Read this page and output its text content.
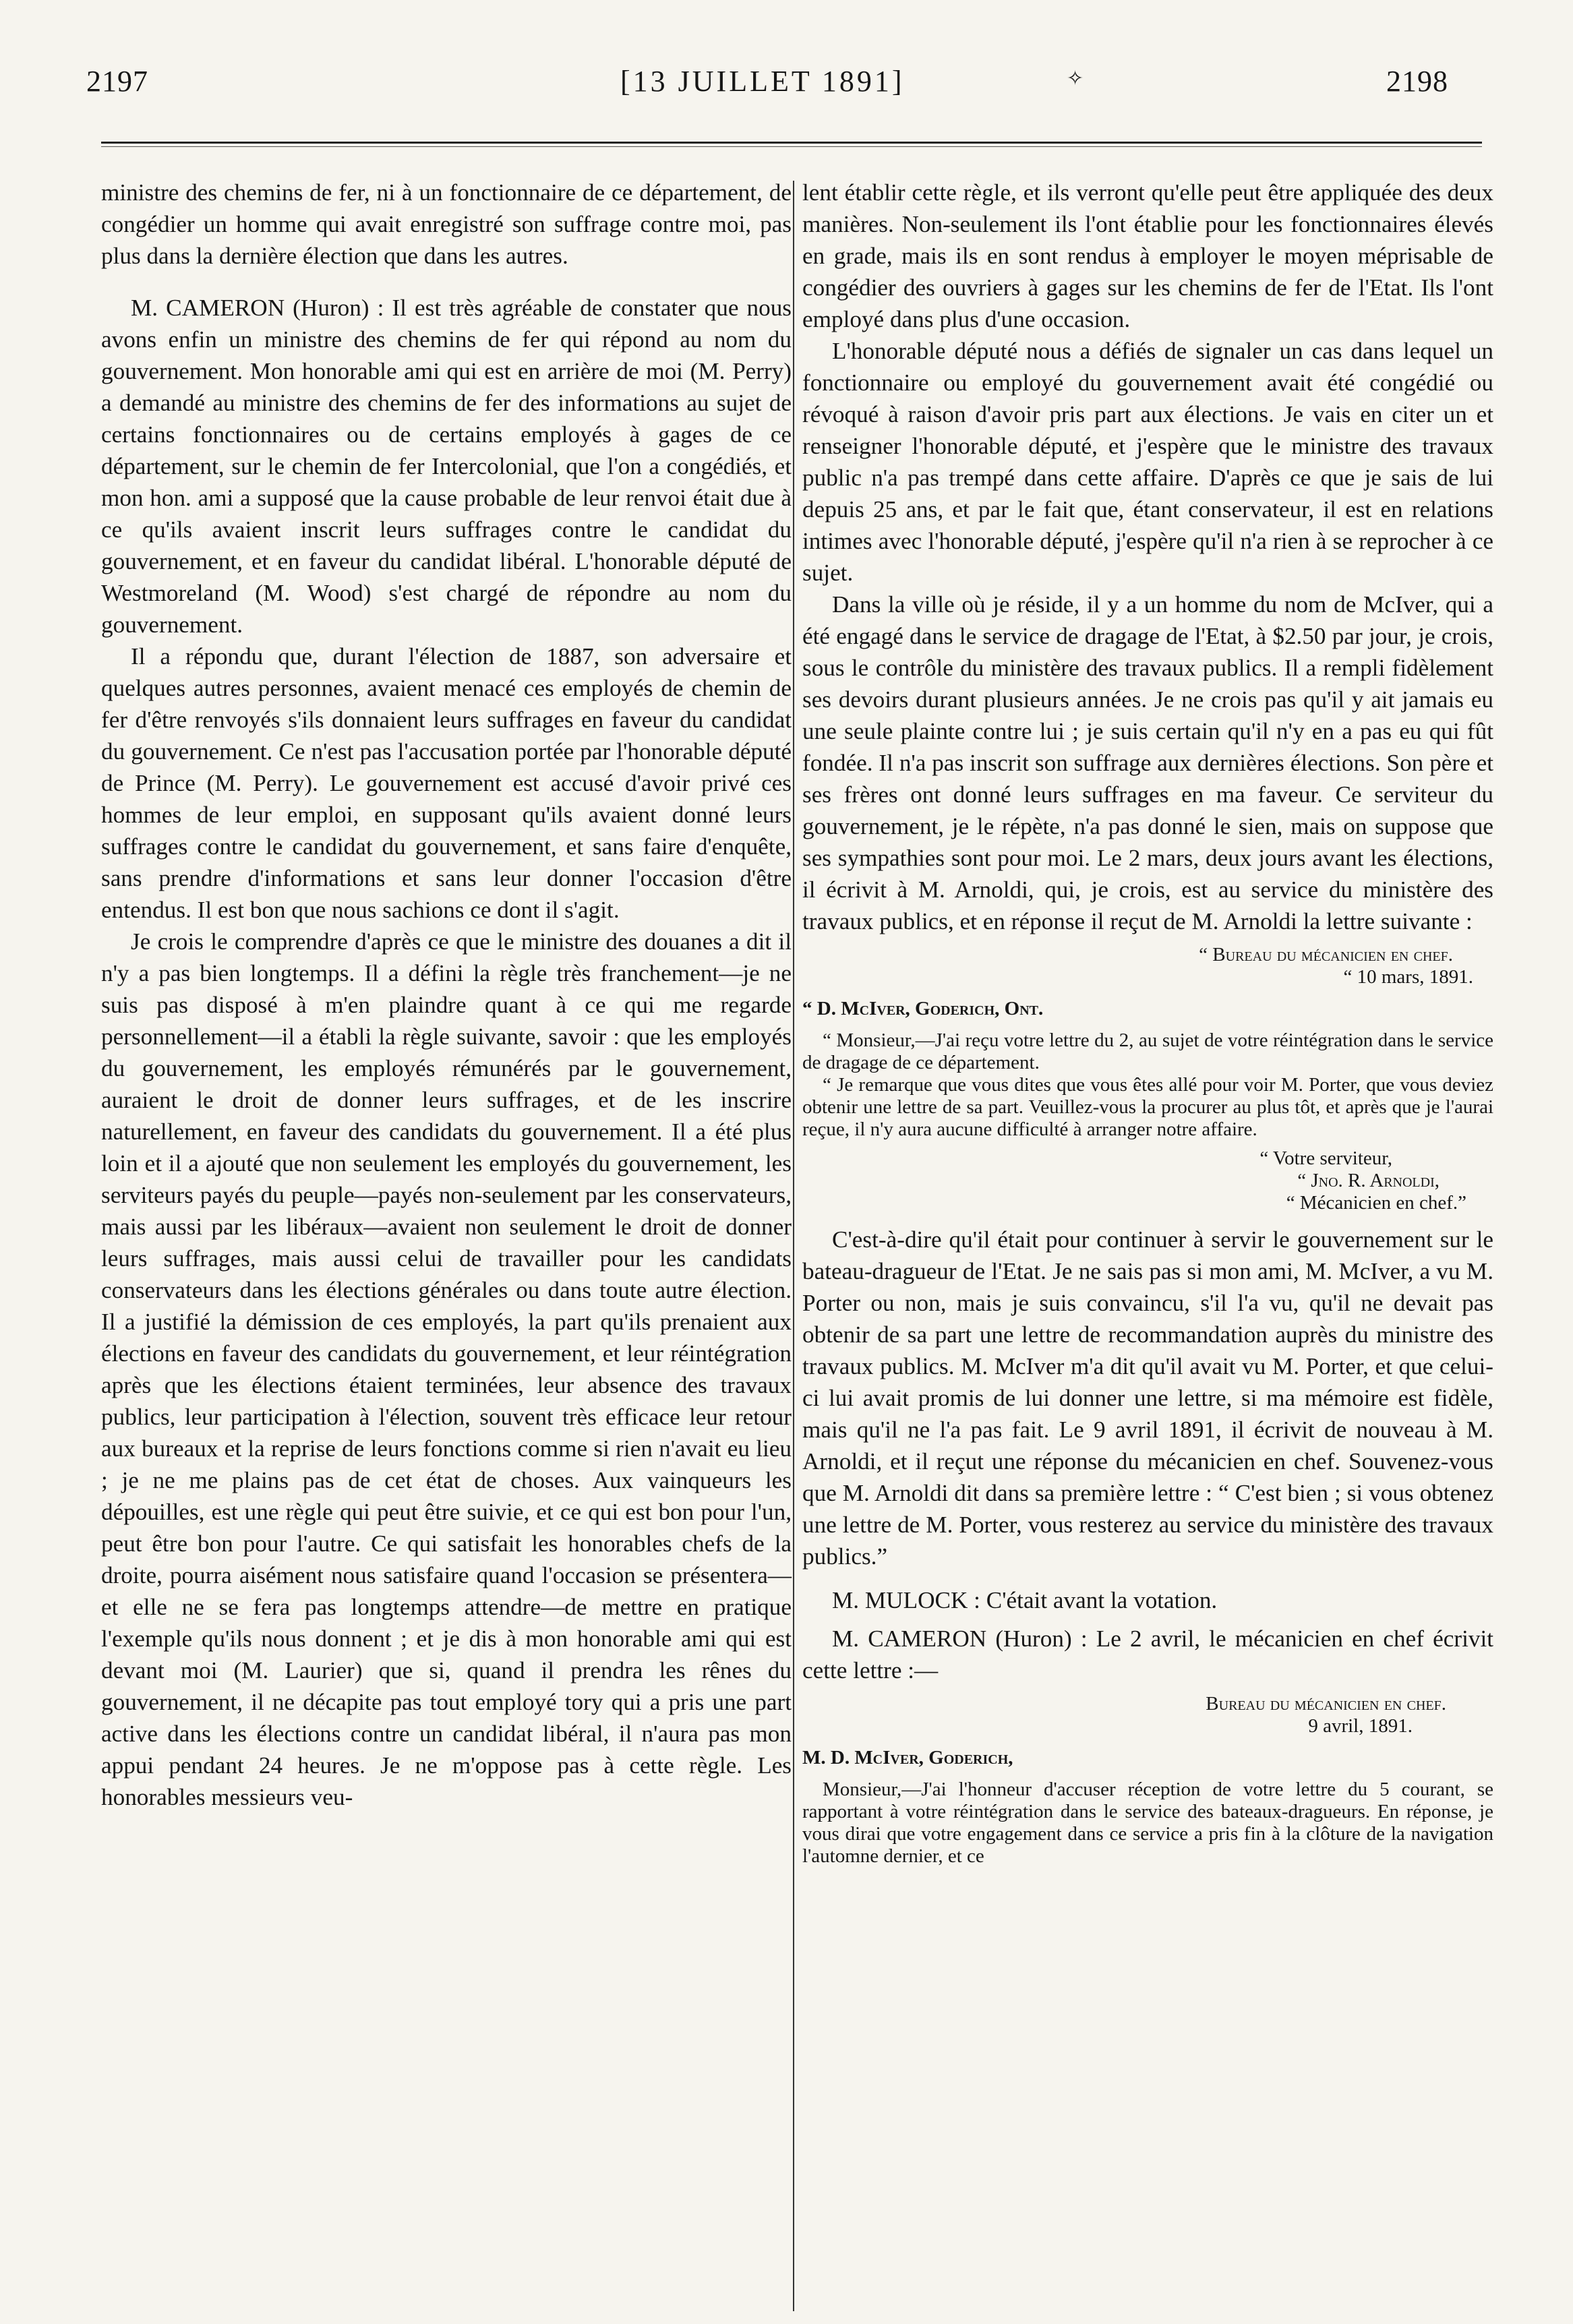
2197	[13 JUILLET 1891]	✧	2198

ministre des chemins de fer, ni à un fonctionnaire de ce département, de congédier un homme qui avait enregistré son suffrage contre moi, pas plus dans la dernière élection que dans les autres.

M. CAMERON (Huron) : Il est très agréable de constater que nous avons enfin un ministre des chemins de fer qui répond au nom du gouvernement. Mon honorable ami qui est en arrière de moi (M. Perry) a demandé au ministre des chemins de fer des informations au sujet de certains fonctionnaires ou de certains employés à gages de ce département, sur le chemin de fer Intercolonial, que l'on a congédiés, et mon hon. ami a supposé que la cause probable de leur renvoi était due à ce qu'ils avaient inscrit leurs suffrages contre le candidat du gouvernement, et en faveur du candidat libéral. L'honorable député de Westmoreland (M. Wood) s'est chargé de répondre au nom du gouvernement.

Il a répondu que, durant l'élection de 1887, son adversaire et quelques autres personnes, avaient menacé ces employés de chemin de fer d'être renvoyés s'ils donnaient leurs suffrages en faveur du candidat du gouvernement. Ce n'est pas l'accusation portée par l'honorable député de Prince (M. Perry). Le gouvernement est accusé d'avoir privé ces hommes de leur emploi, en supposant qu'ils avaient donné leurs suffrages contre le candidat du gouvernement, et sans faire d'enquête, sans prendre d'informations et sans leur donner l'occasion d'être entendus. Il est bon que nous sachions ce dont il s'agit.

Je crois le comprendre d'après ce que le ministre des douanes a dit il n'y a pas bien longtemps. Il a défini la règle très franchement—je ne suis pas disposé à m'en plaindre quant à ce qui me regarde personnellement—il a établi la règle suivante, savoir : que les employés du gouvernement, les employés rémunérés par le gouvernement, auraient le droit de donner leurs suffrages, et de les inscrire naturellement, en faveur des candidats du gouvernement. Il a été plus loin et il a ajouté que non seulement les employés du gouvernement, les serviteurs payés du peuple—payés non-seulement par les conservateurs, mais aussi par les libéraux—avaient non seulement le droit de donner leurs suffrages, mais aussi celui de travailler pour les candidats conservateurs dans les élections générales ou dans toute autre élection. Il a justifié la démission de ces employés, la part qu'ils prenaient aux élections en faveur des candidats du gouvernement, et leur réintégration après que les élections étaient terminées, leur absence des travaux publics, leur participation à l'élection, souvent très efficace leur retour aux bureaux et la reprise de leurs fonctions comme si rien n'avait eu lieu ; je ne me plains pas de cet état de choses. Aux vainqueurs les dépouilles, est une règle qui peut être suivie, et ce qui est bon pour l'un, peut être bon pour l'autre. Ce qui satisfait les honorables chefs de la droite, pourra aisément nous satisfaire quand l'occasion se présentera—et elle ne se fera pas longtemps attendre—de mettre en pratique l'exemple qu'ils nous donnent ; et je dis à mon honorable ami qui est devant moi (M. Laurier) que si, quand il prendra les rênes du gouvernement, il ne décapite pas tout employé tory qui a pris une part active dans les élections contre un candidat libéral, il n'aura pas mon appui pendant 24 heures. Je ne m'oppose pas à cette règle. Les honorables messieurs veu-

lent établir cette règle, et ils verront qu'elle peut être appliquée des deux manières. Non-seulement ils l'ont établie pour les fonctionnaires élevés en grade, mais ils en sont rendus à employer le moyen méprisable de congédier des ouvriers à gages sur les chemins de fer de l'Etat. Ils l'ont employé dans plus d'une occasion.

L'honorable député nous a défiés de signaler un cas dans lequel un fonctionnaire ou employé du gouvernement avait été congédié ou révoqué à raison d'avoir pris part aux élections. Je vais en citer un et renseigner l'honorable député, et j'espère que le ministre des travaux public n'a pas trempé dans cette affaire. D'après ce que je sais de lui depuis 25 ans, et par le fait que, étant conservateur, il est en relations intimes avec l'honorable député, j'espère qu'il n'a rien à se reprocher à ce sujet.

Dans la ville où je réside, il y a un homme du nom de McIver, qui a été engagé dans le service de dragage de l'Etat, à $2.50 par jour, je crois, sous le contrôle du ministère des travaux publics. Il a rempli fidèlement ses devoirs durant plusieurs années. Je ne crois pas qu'il y ait jamais eu une seule plainte contre lui ; je suis certain qu'il n'y en a pas eu qui fût fondée. Il n'a pas inscrit son suffrage aux dernières élections. Son père et ses frères ont donné leurs suffrages en ma faveur. Ce serviteur du gouvernement, je le répète, n'a pas donné le sien, mais on suppose que ses sympathies sont pour moi. Le 2 mars, deux jours avant les élections, il écrivit à M. Arnoldi, qui, je crois, est au service du ministère des travaux publics, et en réponse il reçut de M. Arnoldi la lettre suivante :

“ Bureau du mécanicien en chef.

“ 10 mars, 1891.

“ D. McIver, Goderich, Ont.

“ Monsieur,—J'ai reçu votre lettre du 2, au sujet de votre réintégration dans le service de dragage de ce département.

“ Je remarque que vous dites que vous êtes allé pour voir M. Porter, que vous deviez obtenir une lettre de sa part. Veuillez-vous la procurer au plus tôt, et après que je l'aurai reçue, il n'y aura aucune difficulté à arranger notre affaire.

“ Votre serviteur,

“ Jno. R. Arnoldi,

“ Mécanicien en chef.”

C'est-à-dire qu'il était pour continuer à servir le gouvernement sur le bateau-dragueur de l'Etat. Je ne sais pas si mon ami, M. McIver, a vu M. Porter ou non, mais je suis convaincu, s'il l'a vu, qu'il ne devait pas obtenir de sa part une lettre de recommandation auprès du ministre des travaux publics. M. McIver m'a dit qu'il avait vu M. Porter, et que celui-ci lui avait promis de lui donner une lettre, si ma mémoire est fidèle, mais qu'il ne l'a pas fait. Le 9 avril 1891, il écrivit de nouveau à M. Arnoldi, et il reçut une réponse du mécanicien en chef. Souvenez-vous que M. Arnoldi dit dans sa première lettre : “ C'est bien ; si vous obtenez une lettre de M. Porter, vous resterez au service du ministère des travaux publics.”

M. MULOCK : C'était avant la votation.

M. CAMERON (Huron) : Le 2 avril, le mécanicien en chef écrivit cette lettre :—

Bureau du mécanicien en chef.

9 avril, 1891.

M. D. McIver, Goderich,

Monsieur,—J'ai l'honneur d'accuser réception de votre lettre du 5 courant, se rapportant à votre réintégration dans le service des bateaux-dragueurs. En réponse, je vous dirai que votre engagement dans ce service a pris fin à la clôture de la navigation l'automne dernier, et ce
